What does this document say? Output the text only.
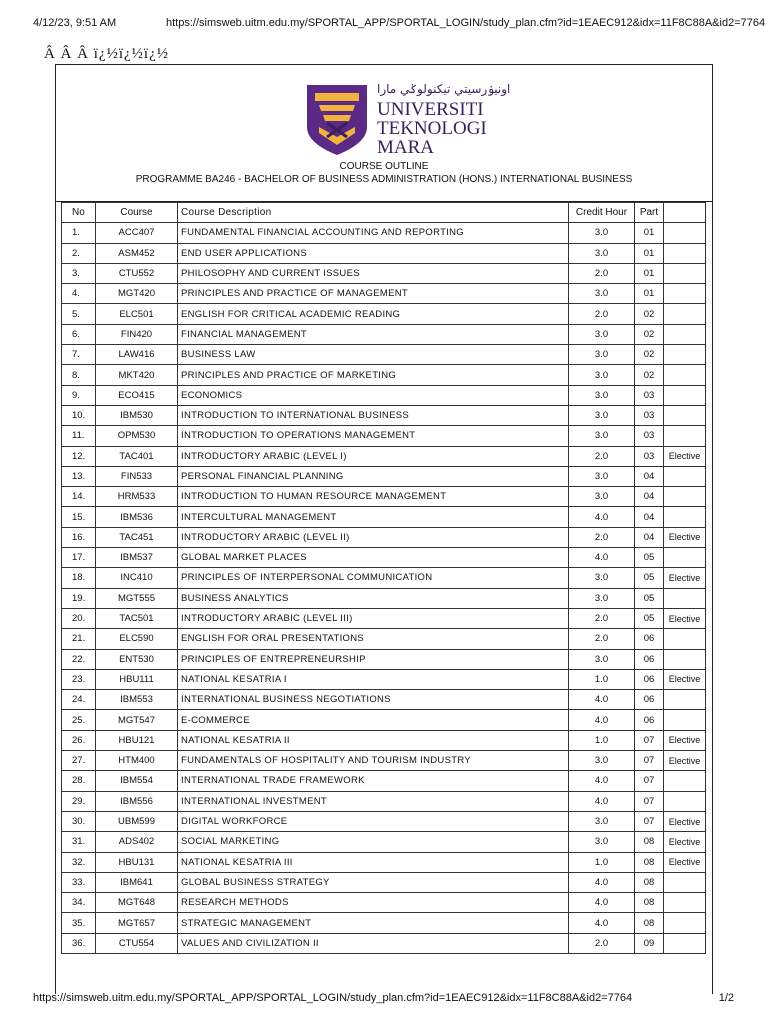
4/12/23, 9:51 AM	https://simsweb.uitm.edu.my/SPORTAL_APP/SPORTAL_LOGIN/study_plan.cfm?id=1EAEC912&idx=11F8C88A&id2=7764
Â Â Â ï¿½ï¿½ï¿½
اونيۏرسيتي تيكنولوݢي مارا
UNIVERSITI
TEKNOLOGI
MARA
COURSE OUTLINE
PROGRAMME BA246 - BACHELOR OF BUSINESS ADMINISTRATION (HONS.) INTERNATIONAL BUSINESS
No	Course	Course Description	Credit Hour	Part	
1.	ACC407	FUNDAMENTAL FINANCIAL ACCOUNTING AND REPORTING	3.0	01	
2.	ASM452	END USER APPLICATIONS	3.0	01	
3.	CTU552	PHILOSOPHY AND CURRENT ISSUES	2.0	01	
4.	MGT420	PRINCIPLES AND PRACTICE OF MANAGEMENT	3.0	01	
5.	ELC501	ENGLISH FOR CRITICAL ACADEMIC READING	2.0	02	
6.	FIN420	FINANCIAL MANAGEMENT	3.0	02	
7.	LAW416	BUSINESS LAW	3.0	02	
8.	MKT420	PRINCIPLES AND PRACTICE OF MARKETING	3.0	02	
9.	ECO415	ECONOMICS	3.0	03	
10.	IBM530	INTRODUCTION TO INTERNATIONAL BUSINESS	3.0	03	
11.	OPM530	INTRODUCTION TO OPERATIONS MANAGEMENT	3.0	03	
12.	TAC401	INTRODUCTORY ARABIC (LEVEL I)	2.0	03	Elective
13.	FIN533	PERSONAL FINANCIAL PLANNING	3.0	04	
14.	HRM533	INTRODUCTION TO HUMAN RESOURCE MANAGEMENT	3.0	04	
15.	IBM536	INTERCULTURAL MANAGEMENT	4.0	04	
16.	TAC451	INTRODUCTORY ARABIC (LEVEL II)	2.0	04	Elective
17.	IBM537	GLOBAL MARKET PLACES	4.0	05	
18.	INC410	PRINCIPLES OF INTERPERSONAL COMMUNICATION	3.0	05	Elective
19.	MGT555	BUSINESS ANALYTICS	3.0	05	
20.	TAC501	INTRODUCTORY ARABIC (LEVEL III)	2.0	05	Elective
21.	ELC590	ENGLISH FOR ORAL PRESENTATIONS	2.0	06	
22.	ENT530	PRINCIPLES OF ENTREPRENEURSHIP	3.0	06	
23.	HBU111	NATIONAL KESATRIA I	1.0	06	Elective
24.	IBM553	INTERNATIONAL BUSINESS NEGOTIATIONS	4.0	06	
25.	MGT547	E-COMMERCE	4.0	06	
26.	HBU121	NATIONAL KESATRIA II	1.0	07	Elective
27.	HTM400	FUNDAMENTALS OF HOSPITALITY AND TOURISM INDUSTRY	3.0	07	Elective
28.	IBM554	INTERNATIONAL TRADE FRAMEWORK	4.0	07	
29.	IBM556	INTERNATIONAL INVESTMENT	4.0	07	
30.	UBM599	DIGITAL WORKFORCE	3.0	07	Elective
31.	ADS402	SOCIAL MARKETING	3.0	08	Elective
32.	HBU131	NATIONAL KESATRIA III	1.0	08	Elective
33.	IBM641	GLOBAL BUSINESS STRATEGY	4.0	08	
34.	MGT648	RESEARCH METHODS	4.0	08	
35.	MGT657	STRATEGIC MANAGEMENT	4.0	08	
36.	CTU554	VALUES AND CIVILIZATION II	2.0	09	
https://simsweb.uitm.edu.my/SPORTAL_APP/SPORTAL_LOGIN/study_plan.cfm?id=1EAEC912&idx=11F8C88A&id2=7764	1/2
